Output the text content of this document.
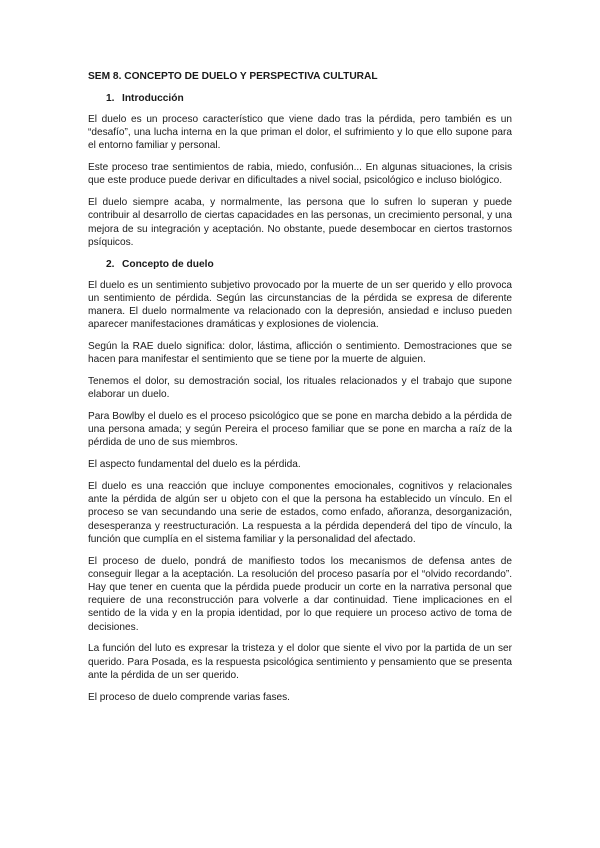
SEM 8. CONCEPTO DE DUELO Y PERSPECTIVA CULTURAL
1. Introducción

El duelo es un proceso característico que viene dado tras la pérdida, pero también es un “desafío”, una lucha interna en la que priman el dolor, el sufrimiento y lo que ello supone para el entorno familiar y personal.

Este proceso trae sentimientos de rabia, miedo, confusión... En algunas situaciones, la crisis que este produce puede derivar en dificultades a nivel social, psicológico e incluso biológico.

El duelo siempre acaba, y normalmente, las persona que lo sufren lo superan y puede contribuir al desarrollo de ciertas capacidades en las personas, un crecimiento personal, y una mejora de su integración y aceptación. No obstante, puede desembocar en ciertos trastornos psíquicos.

2. Concepto de duelo

El duelo es un sentimiento subjetivo provocado por la muerte de un ser querido y ello provoca un sentimiento de pérdida. Según las circunstancias de la pérdida se expresa de diferente manera. El duelo normalmente va relacionado con la depresión, ansiedad e incluso pueden aparecer manifestaciones dramáticas y explosiones de violencia.

Según la RAE duelo significa: dolor, lástima, aflicción o sentimiento. Demostraciones que se hacen para manifestar el sentimiento que se tiene por la muerte de alguien.

Tenemos el dolor, su demostración social, los rituales relacionados y el trabajo que supone elaborar un duelo.

Para Bowlby el duelo es el proceso psicológico que se pone en marcha debido a la pérdida de una persona amada; y según Pereira el proceso familiar que se pone en marcha a raíz de la pérdida de uno de sus miembros.

El aspecto fundamental del duelo es la pérdida.

El duelo es una reacción que incluye componentes emocionales, cognitivos y relacionales ante la pérdida de algún ser u objeto con el que la persona ha establecido un vínculo. En el proceso se van secundando una serie de estados, como enfado, añoranza, desorganización, desesperanza y reestructuración. La respuesta a la pérdida dependerá del tipo de vínculo, la función que cumplía en el sistema familiar y la personalidad del afectado.

El proceso de duelo, pondrá de manifiesto todos los mecanismos de defensa antes de conseguir llegar a la aceptación. La resolución del proceso pasaría por el “olvido recordando”. Hay que tener en cuenta que la pérdida puede producir un corte en la narrativa personal que requiere de una reconstrucción para volverle a dar continuidad. Tiene implicaciones en el sentido de la vida y en la propia identidad, por lo que requiere un proceso activo de toma de decisiones.

La función del luto es expresar la tristeza y el dolor que siente el vivo por la partida de un ser querido. Para Posada, es la respuesta psicológica sentimiento y pensamiento que se presenta ante la pérdida de un ser querido.

El proceso de duelo comprende varias fases.
